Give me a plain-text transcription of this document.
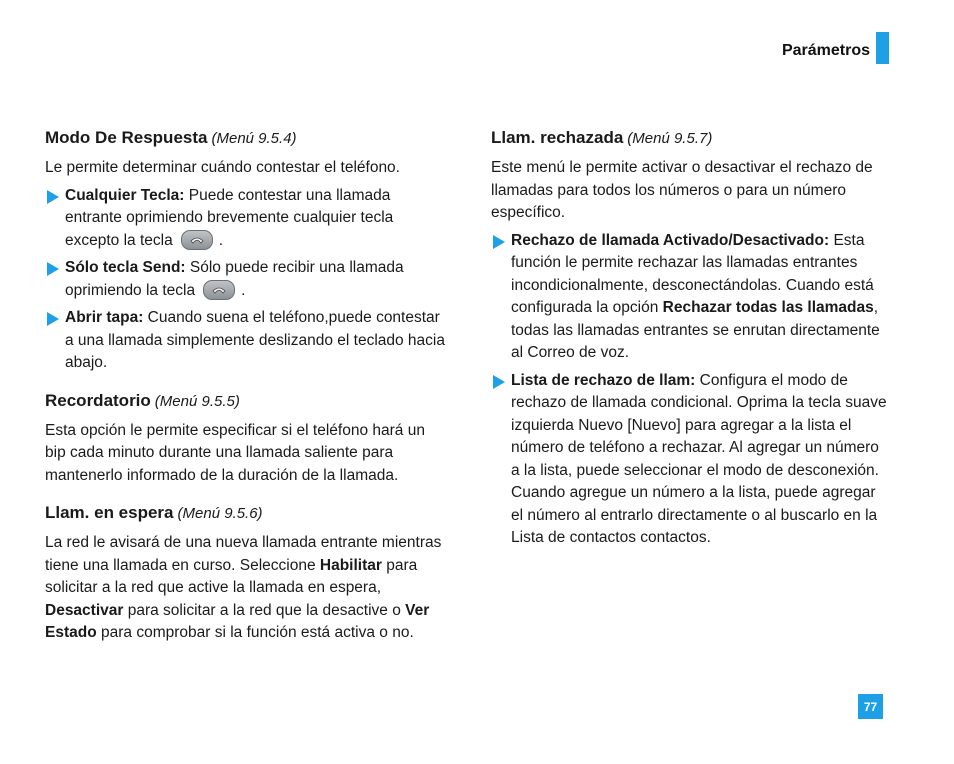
Parámetros
Modo De Respuesta (Menú 9.5.4)

Le permite determinar cuándo contestar el teléfono.

Cualquier Tecla: Puede contestar una llamada entrante oprimiendo brevemente cualquier tecla excepto la tecla	.
Sólo tecla Send: Sólo puede recibir una llamada oprimiendo la tecla	.
Abrir tapa: Cuando suena el teléfono,puede contestar a una llamada simplemente deslizando el teclado hacia abajo.
Recordatorio (Menú 9.5.5)

Esta opción le permite especificar si el teléfono hará un bip cada minuto durante una llamada saliente para mantenerlo informado de la duración de la llamada.

Llam. en espera (Menú 9.5.6)

La red le avisará de una nueva llamada entrante mientras tiene una llamada en curso. Seleccione Habilitar para solicitar a la red que active la llamada en espera, Desactivar para solicitar a la red que la desactive o Ver Estado para comprobar si la función está activa o no.

Llam. rechazada (Menú 9.5.7)

Este menú le permite activar o desactivar el rechazo de llamadas para todos los números o para un número específico.

Rechazo de llamada Activado/Desactivado: Esta función le permite rechazar las llamadas entrantes incondicionalmente, desconectándolas. Cuando está configurada la opción Rechazar todas las llamadas, todas las llamadas entrantes se enrutan directamente al Correo de voz.
Lista de rechazo de llam: Configura el modo de rechazo de llamada condicional. Oprima la tecla suave izquierda Nuevo [Nuevo] para agregar a la lista el número de teléfono a rechazar. Al agregar un número a la lista, puede seleccionar el modo de desconexión. Cuando agregue un número a la lista, puede agregar el número al entrarlo directamente o al buscarlo en la Lista de contactos contactos.
77
